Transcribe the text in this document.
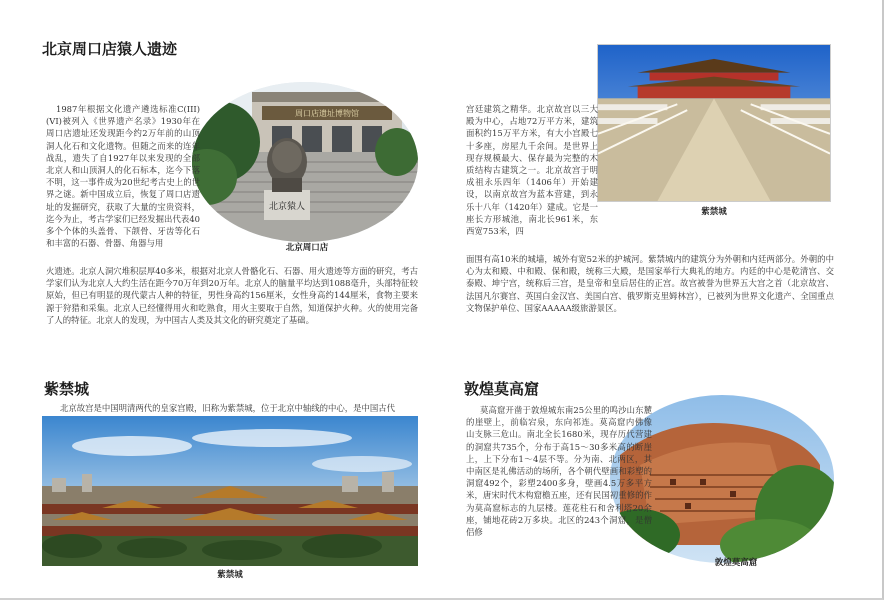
北京周口店猿人遗迹
周口店遗址博物馆
北京猿人
北京周口店

1987年根据文化遗产遴选标准C(III)(VI)被列入《世界遗产名录》1930年在周口店遗址还发现距今约2万年前的山顶洞人化石和文化遗物。但随之而来的连年战乱，遗失了自1927年以来发现的全部北京人和山顶洞人的化石标本，迄今下落不明，这一事件成为20世纪考古史上的世界之谜。新中国成立后，恢复了周口店遗址的发掘研究，获取了大量的宝贵资料，迄今为止，考古学家们已经发掘出代表40多个个体的头盖骨、下颌骨、牙齿等化石和丰富的石器、骨器、角器与用

火遗迹。北京人洞穴堆积层厚40多米，根据对北京人骨骼化石、石器、用火遗迹等方面的研究，考古学家们认为北京人大约生活在距今70万年到20万年。北京人的脑量平均达到1088毫升，头部特征较原始，但已有明显的现代蒙古人种的特征，男性身高约156厘米，女性身高约144厘米，食物主要来源于狩猎和采集。北京人已经懂得用火和吃熟食，用火主要取于自然，知道保护火种。火的使用完备了人的特征。北京人的发现，为中国古人类及其文化的研究奠定了基础。

紫禁城

宫廷建筑之精华。北京故宫以三大殿为中心，占地72万平方米，建筑面积约15万平方米，有大小宫殿七十多座，房屋九千余间。是世界上现存规模最大、保存最为完整的木质结构古建筑之一。北京故宫于明成祖永乐四年（1406年）开始建设，以南京故宫为蓝本营建，到永乐十八年（1420年）建成。它是一座长方形城池，南北长961米，东西宽753米，四

面围有高10米的城墙，城外有宽52米的护城河。紫禁城内的建筑分为外朝和内廷两部分。外朝的中心为太和殿、中和殿、保和殿，统称三大殿，是国家举行大典礼的地方。内廷的中心是乾清宫、交泰殿、坤宁宫，统称后三宫，是皇帝和皇后居住的正宫。故宫被誉为世界五大宫之首（北京故宫、法国凡尔赛宫、英国白金汉宫、美国白宫、俄罗斯克里姆林宫），已被列为世界文化遗产、全国重点文物保护单位、国家AAAAA级旅游景区。

紫禁城

北京故宫是中国明清两代的皇家宫殿，旧称为紫禁城，位于北京中轴线的中心，是中国古代

紫禁城
敦煌莫高窟
敦煌莫高窟

莫高窟开凿于敦煌城东南25公里的鸣沙山东麓的崖壁上，前临宕泉，东向祁连。莫高窟内佛像 山支脉三危山。南北全长1680米，现存历代营建的洞窟共735个，分布于高15～30多米高的断崖上，上下分布1～4层不等。分为南、北两区，其中南区是礼佛活动的场所，各个朝代壁画和彩塑的洞窟492个，彩塑2400多身，壁画4.5万多平方米，唐宋时代木构窟檐五座，还有民国初重修的作为莫高窟标志的九层楼。莲花柱石和舍利塔20余座，铺地花砖2万多块。北区的243个洞窟，是僧侣修
